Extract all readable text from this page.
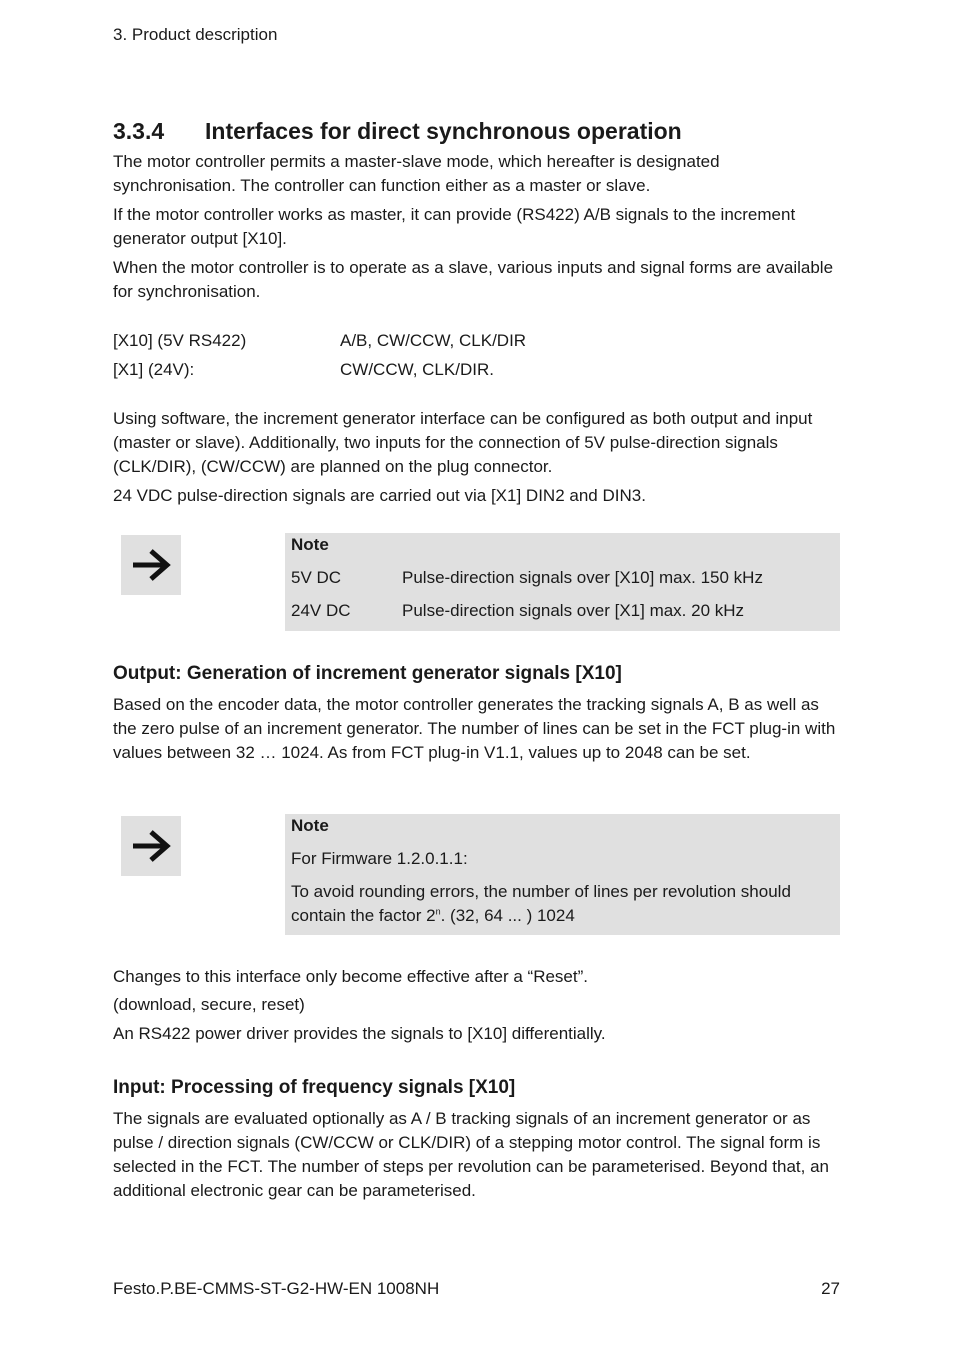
3. Product description
3.3.4 Interfaces for direct synchronous operation

The motor controller permits a master-slave mode, which hereafter is designated synchronisation. The controller can function either as a master or slave.

If the motor controller works as master, it can provide (RS422) A/B signals to the increment generator output [X10].

When the motor controller is to operate as a slave, various inputs and signal forms are available for synchronisation.

[X10] (5V RS422)	A/B, CW/CCW, CLK/DIR
[X1] (24V):	CW/CCW, CLK/DIR.

Using software, the increment generator interface can be configured as both output and input (master or slave). Additionally, two inputs for the connection of 5V pulse-direction signals (CLK/DIR), (CW/CCW) are planned on the plug connector.

24 VDC pulse-direction signals are carried out via [X1] DIN2 and DIN3.

Note
5V DC	Pulse-direction signals over [X10] max. 150 kHz
24V DC	Pulse-direction signals over [X1] max. 20 kHz
Output: Generation of increment generator signals [X10]

Based on the encoder data, the motor controller generates the tracking signals A, B as well as the zero pulse of an increment generator. The number of lines can be set in the FCT plug-in with values between 32 … 1024. As from FCT plug-in V1.1, values up to 2048 can be set.

Note
For Firmware 1.2.0.1.1:
To avoid rounding errors, the number of lines per revolution should contain the factor 2$^n$. (32, 64 ... ) 1024

Changes to this interface only become effective after a “Reset”.

(download, secure, reset)

An RS422 power driver provides the signals to [X10] differentially.

Input: Processing of frequency signals [X10]

The signals are evaluated optionally as A / B tracking signals of an increment generator or as pulse / direction signals (CW/CCW or CLK/DIR) of a stepping motor control. The signal form is selected in the FCT. The number of steps per revolution can be parameterised. Beyond that, an additional electronic gear can be parameterised.

Festo.P.BE-CMMS-ST-G2-HW-EN 1008NH	27
